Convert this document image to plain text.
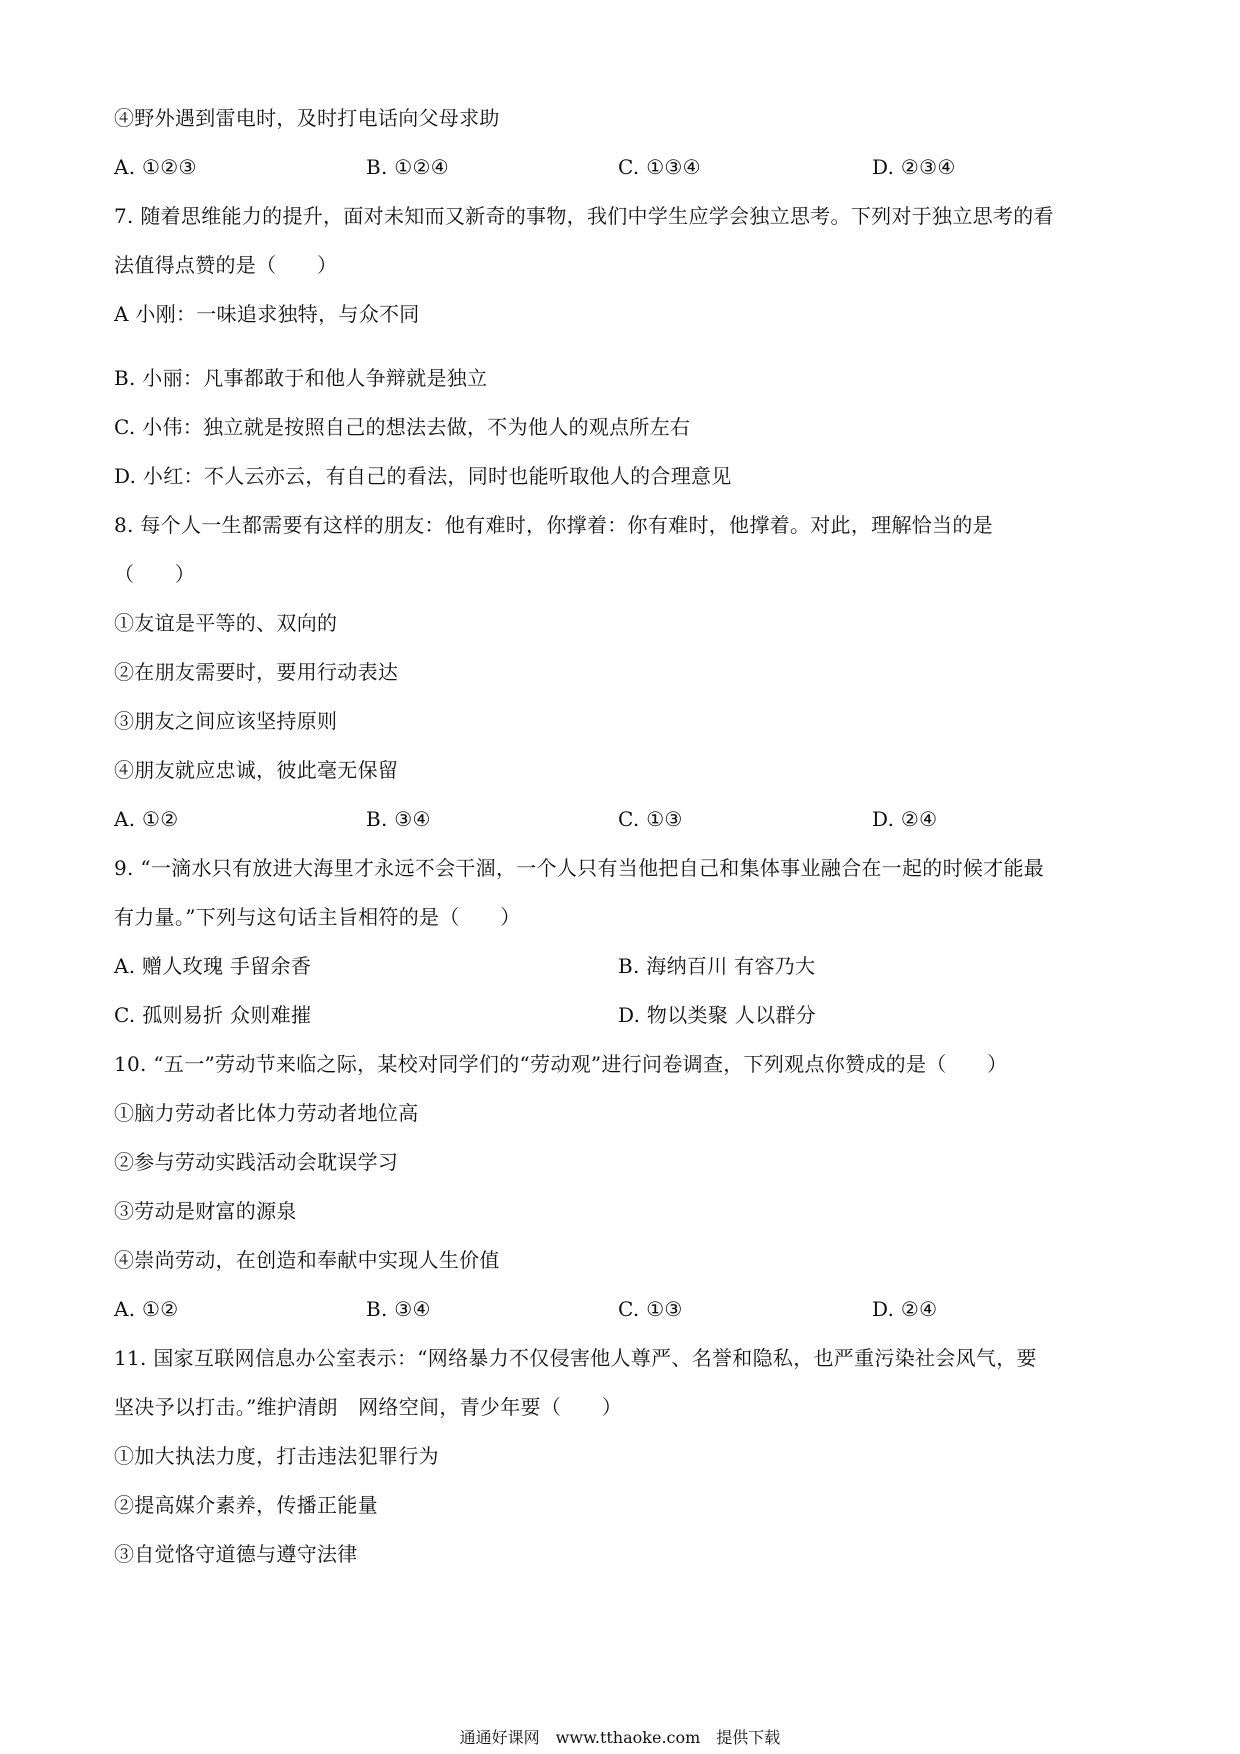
④野外遇到雷电时，及时打电话向父母求助
A. ①②③	B. ①②④	C. ①③④	D. ②③④
7. 随着思维能力的提升，面对未知而又新奇的事物，我们中学生应学会独立思考。下列对于独立思考的看
法值得点赞的是（　　）
A 小刚：一味追求独特，与众不同
B. 小丽：凡事都敢于和他人争辩就是独立
C. 小伟：独立就是按照自己的想法去做，不为他人的观点所左右
D. 小红：不人云亦云，有自己的看法，同时也能听取他人的合理意见
8. 每个人一生都需要有这样的朋友：他有难时，你撑着：你有难时，他撑着。对此，理解恰当的是
（　　）
①友谊是平等的、双向的
②在朋友需要时，要用行动表达
③朋友之间应该坚持原则
④朋友就应忠诚，彼此毫无保留
A. ①②	B. ③④	C. ①③	D. ②④
9. “一滴水只有放进大海里才永远不会干涸，一个人只有当他把自己和集体事业融合在一起的时候才能最
有力量。”下列与这句话主旨相符的是（　　）
A. 赠人玫瑰 手留余香	B. 海纳百川 有容乃大
C. 孤则易折 众则难摧	D. 物以类聚 人以群分
10. “五一”劳动节来临之际，某校对同学们的“劳动观”进行问卷调查，下列观点你赞成的是（　　）
①脑力劳动者比体力劳动者地位高
②参与劳动实践活动会耽误学习
③劳动是财富的源泉
④崇尚劳动，在创造和奉献中实现人生价值
A. ①②	B. ③④	C. ①③	D. ②④
11. 国家互联网信息办公室表示：“网络暴力不仅侵害他人尊严、名誉和隐私，也严重污染社会风气，要
坚决予以打击。”维护清朗　网络空间，青少年要（　　）
①加大执法力度，打击违法犯罪行为
②提高媒介素养，传播正能量
③自觉恪守道德与遵守法律
通通好课网　www.tthaoke.com　提供下载
